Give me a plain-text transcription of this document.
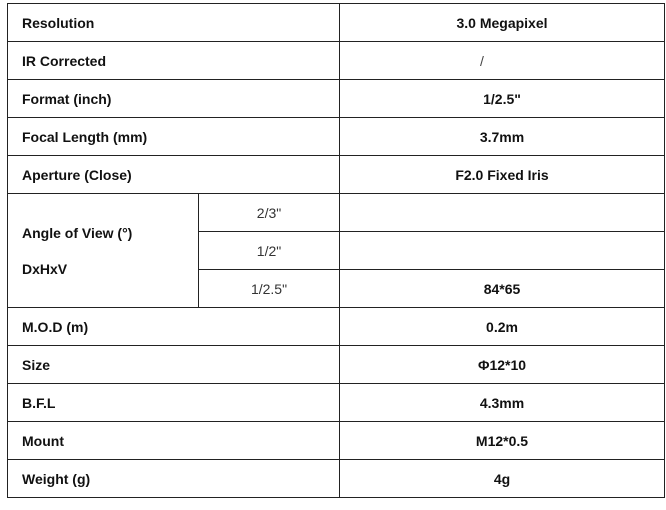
Resolution		3.0 Megapixel
IR Corrected		/
Format (inch)		1/2.5"
Focal Length (mm)		3.7mm
Aperture (Close)		F2.0 Fixed Iris

Angle of View (°)
DxHxV	2/3"	
	1/2"	
	1/2.5"	84*65
M.O.D (m)		0.2m
Size		Φ12*10
B.F.L		4.3mm
Mount		M12*0.5
Weight (g)		4g
